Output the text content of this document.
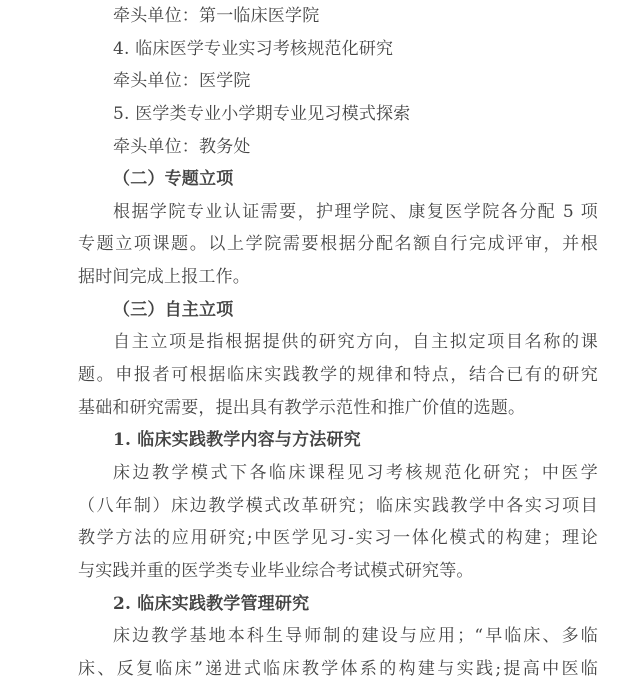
牵头单位：第一临床医学院
4. 临床医学专业实习考核规范化研究
牵头单位：医学院
5. 医学类专业小学期专业见习模式探索
牵头单位：教务处
（二）专题立项
根据学院专业认证需要，护理学院、康复医学院各分配 5 项
专题立项课题。以上学院需要根据分配名额自行完成评审，并根
据时间完成上报工作。
（三）自主立项
自主立项是指根据提供的研究方向，自主拟定项目名称的课
题。申报者可根据临床实践教学的规律和特点，结合已有的研究
基础和研究需要，提出具有教学示范性和推广价值的选题。
1. 临床实践教学内容与方法研究
床边教学模式下各临床课程见习考核规范化研究；中医学
（八年制）床边教学模式改革研究；临床实践教学中各实习项目
教学方法的应用研究;中医学见习-实习一体化模式的构建；理论
与实践并重的医学类专业毕业综合考试模式研究等。
2. 临床实践教学管理研究
床边教学基地本科生导师制的建设与应用；“早临床、多临
床、反复临床”递进式临床教学体系的构建与实践;提高中医临
